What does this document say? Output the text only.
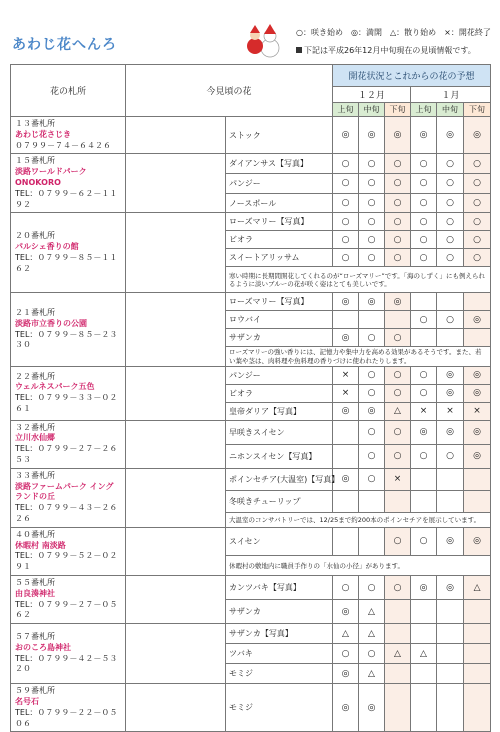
あわじ花へんろ
○：咲き始め　◎：満開　△：散り始め　×：開花終了
下記は平成26年12月中旬現在の見頃情報です。
花の札所	今見頃の花		開花状況とこれからの花の予想					
			１２月			１月		
			上旬	中旬	下旬	上旬	中旬	下旬

１３番札所
あわじ花さじき
０７９９－７４－６４２６		ストック	◎	◎	◎	◎	◎	◎

１５番札所
淡路ワールドパーク ONOKORO
TEL：０７９９－６２－１１９２		ダイアンサス【写真】	○	○	○	○	○	○
		パンジー	○	○	○	○	○	○
		ノースポール	○	○	○	○	○	○

２０番札所
パルシェ香りの館
TEL：０７９９－８５－１１６２		ローズマリー【写真】	○	○	○	○	○	○
		ビオラ	○	○	○	○	○	○
		スイートアリッサム	○	○	○	○	○	○
		寒い時期に長期間開花してくれるのが“ローズマリー”です。「海のしずく」にも例えられるように淡いブルーの花が咲く姿はとても美しいです。						

２１番札所
淡路市立香りの公園
TEL：０７９９－８５－２３３０		ローズマリー【写真】	◎	◎	◎			
		ロウバイ				○	○	◎
		サザンカ	◎	○	○			
		ローズマリーの強い香りには、記憶力や集中力を高める効果があるそうです。また、若い葉や茎は、肉料理や魚料理の香りづけに使われたりします。						

２２番札所
ウェルネスパーク五色
TEL：０７９９－３３－０２６１		パンジー	×	○	○	○	◎	◎
		ビオラ	×	○	○	○	◎	◎
		皇帝ダリア【写真】	◎	◎	△	×	×	×

３２番札所
立川水仙郷
TEL：０７９９－２７－２６５３		早咲きスイセン		○	○	◎	◎	◎
		ニホンスイセン【写真】		○	○	○	○	◎

３３番札所
淡路ファームパーク イングランドの丘
TEL：０７９９－４３－２６２６		ポインセチア(大温室)【写真】	◎	○	×			
		冬咲きチューリップ						
		大温室のコンサバトリーでは、12/25まで約200本のポインセチアを展示しています。						

４０番札所
休暇村 南淡路
TEL：０７９９－５２－０２９１		スイセン			○	○	◎	◎
		休暇村の敷地内に職員手作りの「水仙の小径」があります。						

５５番札所
由良湊神社
TEL：０７９９－２７－０５６２		カンツバキ【写真】	○	○	○	◎	◎	△
		サザンカ	◎	△				

５７番札所
おのころ島神社
TEL：０７９９－４２－５３２０		サザンカ【写真】	△	△				
		ツバキ	○	○	△	△		
		モミジ	◎	△				

５９番札所
名号石
TEL：０７９９－２２－０５０６		モミジ	◎	◎				
